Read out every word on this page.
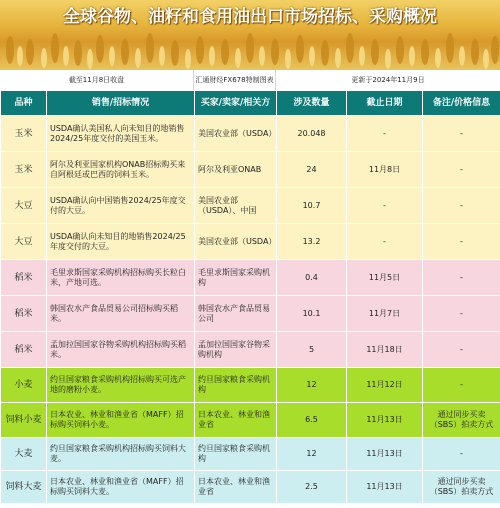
全球谷物、油籽和食用油出口市场招标、采购概况
截至11月8日收盘	汇通财经FX678特制图表	更新于2024年11月9日
品种	销售/招标情况	买家/卖家/相关方	涉及数量	截止日期	备注/价格信息
玉米	USDA确认美国私人向未知目的地销售2024/25年度交付的美国玉米。	美国农业部（USDA）	20.048	-	-
玉米	阿尔及利亚国家机构ONAB招标购买来自阿根廷或巴西的饲料玉米。	阿尔及利亚ONAB	24	11月8日	-
大豆	USDA确认向中国销售2024/25年度交付的大豆。	美国农业部（USDA）、中国	10.7	-	-
大豆	USDA确认向未知目的地销售2024/25年度交付的大豆。	美国农业部（USDA）	13.2	-	-
稻米	毛里求斯国家采购机构招标购买长粒白米，产地可选。	毛里求斯国家采购机构	0.4	11月5日	-
稻米	韩国农水产食品贸易公司招标购买稻米。	韩国农水产食品贸易公司	10.1	11月7日	-
稻米	孟加拉国国家谷物采购机构招标购买稻米。	孟加拉国国家谷物采购机构	5	11月18日	-
小麦	约旦国家粮食采购机构招标购买可选产地的磨粉小麦。	约旦国家粮食采购机构	12	11月12日	-
饲料小麦	日本农业、林业和渔业省（MAFF）招标购买饲料小麦。	日本农业、林业和渔业省	6.5	11月13日	通过同步买卖（SBS）拍卖方式
大麦	约旦国家粮食采购机构招标购买饲料大麦。	约旦国家粮食采购机构	12	11月13日	-
饲料大麦	日本农业、林业和渔业省（MAFF）招标购买饲料大麦。	日本农业、林业和渔业省	2.5	11月13日	通过同步买卖（SBS）拍卖方式
